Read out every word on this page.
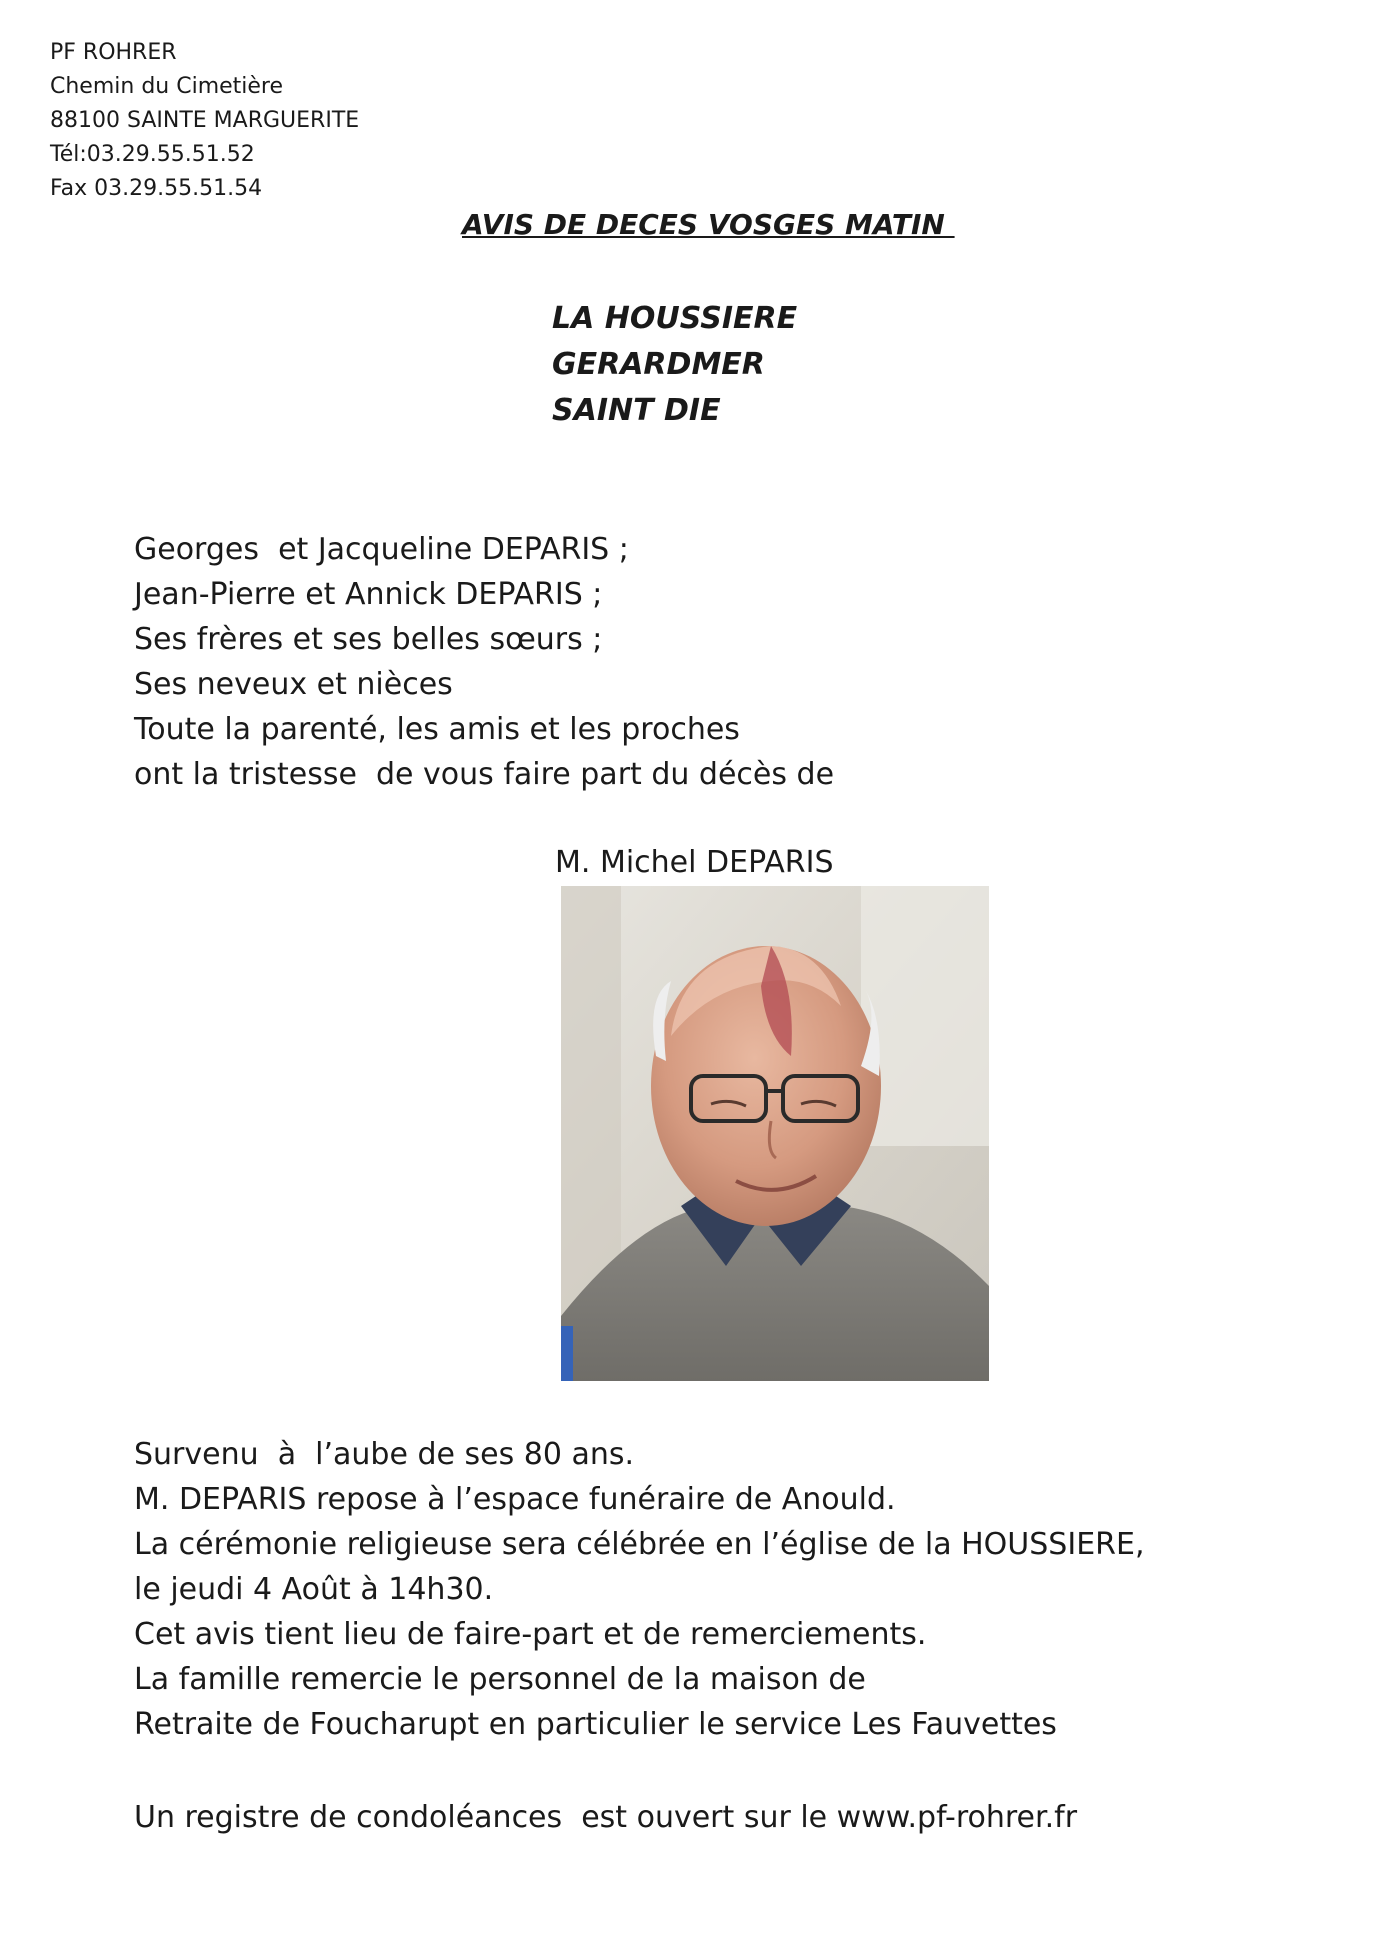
PF ROHRER
Chemin du Cimetière
88100 SAINTE MARGUERITE
Tél:03.29.55.51.52
Fax 03.29.55.51.54
AVIS DE DECES VOSGES MATIN
LA HOUSSIERE
GERARDMER
SAINT DIE
Georges  et Jacqueline DEPARIS ;
Jean-Pierre et Annick DEPARIS ;
Ses frères et ses belles sœurs ;
Ses neveux et nièces
Toute la parenté, les amis et les proches
ont la tristesse  de vous faire part du décès de
M. Michel DEPARIS
Survenu  à  l’aube de ses 80 ans.
M. DEPARIS repose à l’espace funéraire de Anould.
La cérémonie religieuse sera célébrée en l’église de la HOUSSIERE,
le jeudi 4 Août à 14h30.
Cet avis tient lieu de faire-part et de remerciements.
La famille remercie le personnel de la maison de
Retraite de Foucharupt en particulier le service Les Fauvettes
Un registre de condoléances  est ouvert sur le www.pf-rohrer.fr
